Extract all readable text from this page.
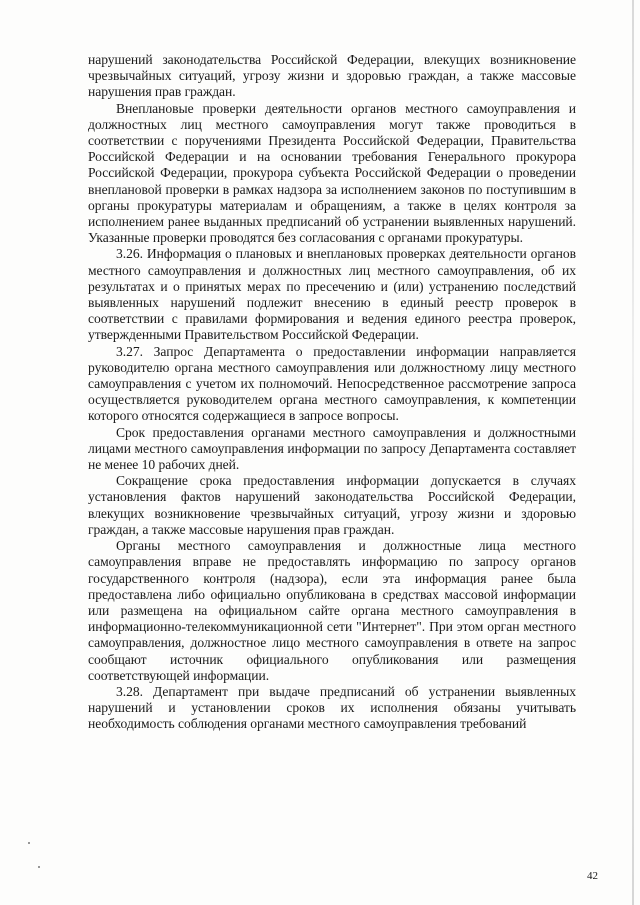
нарушений законодательства Российской Федерации, влекущих возникновение чрезвычайных ситуаций, угрозу жизни и здоровью граждан, а также массовые нарушения прав граждан.

Внеплановые проверки деятельности органов местного самоуправления и должностных лиц местного самоуправления могут также проводиться в соответствии с поручениями Президента Российской Федерации, Правительства Российской Федерации и на основании требования Генерального прокурора Российской Федерации, прокурора субъекта Российской Федерации о проведении внеплановой проверки в рамках надзора за исполнением законов по поступившим в органы прокуратуры материалам и обращениям, а также в целях контроля за исполнением ранее выданных предписаний об устранении выявленных нарушений. Указанные проверки проводятся без согласования с органами прокуратуры.

3.26. Информация о плановых и внеплановых проверках деятельности органов местного самоуправления и должностных лиц местного самоуправления, об их результатах и о принятых мерах по пресечению и (или) устранению последствий выявленных нарушений подлежит внесению в единый реестр проверок в соответствии с правилами формирования и ведения единого реестра проверок, утвержденными Правительством Российской Федерации.

3.27. Запрос Департамента о предоставлении информации направляется руководителю органа местного самоуправления или должностному лицу местного самоуправления с учетом их полномочий. Непосредственное рассмотрение запроса осуществляется руководителем органа местного самоуправления, к компетенции которого относятся содержащиеся в запросе вопросы.

Срок предоставления органами местного самоуправления и должностными лицами местного самоуправления информации по запросу Департамента составляет не менее 10 рабочих дней.

Сокращение срока предоставления информации допускается в случаях установления фактов нарушений законодательства Российской Федерации, влекущих возникновение чрезвычайных ситуаций, угрозу жизни и здоровью граждан, а также массовые нарушения прав граждан.

Органы местного самоуправления и должностные лица местного самоуправления вправе не предоставлять информацию по запросу органов государственного контроля (надзора), если эта информация ранее была предоставлена либо официально опубликована в средствах массовой информации или размещена на официальном сайте органа местного самоуправления в информационно-телекоммуникационной сети "Интернет". При этом орган местного самоуправления, должностное лицо местного самоуправления в ответе на запрос сообщают источник официального опубликования или размещения соответствующей информации.

3.28. Департамент при выдаче предписаний об устранении выявленных нарушений и установлении сроков их исполнения обязаны учитывать необходимость соблюдения органами местного самоуправления требований

42
